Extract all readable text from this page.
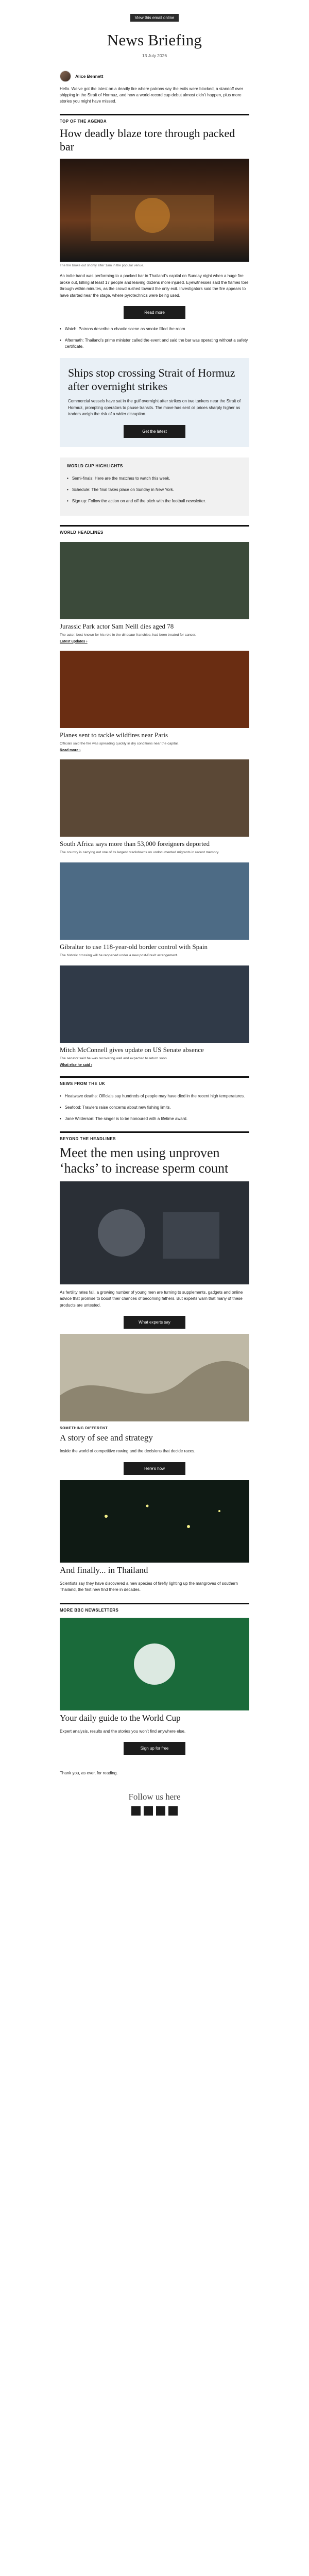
View this email online
News Briefing
13 July 2026
Alice Bennett

Hello. We’ve got the latest on a deadly fire where patrons say the exits were blocked, a standoff over shipping in the Strait of Hormuz, and how a world-record cup debut almost didn’t happen, plus more stories you might have missed.

TOP OF THE AGENDA
How deadly blaze tore through packed bar
The fire broke out shortly after 1am in the popular venue.

An indie band was performing to a packed bar in Thailand’s capital on Sunday night when a huge fire broke out, killing at least 17 people and leaving dozens more injured. Eyewitnesses said the flames tore through within minutes, as the crowd rushed toward the only exit. Investigators said the fire appears to have started near the stage, where pyrotechnics were being used.

Read more
• Watch: Patrons describe a chaotic scene as smoke filled the room
• Aftermath: Thailand’s prime minister called the event and said the bar was operating without a safety certificate.
Ships stop crossing Strait of Hormuz after overnight strikes

Commercial vessels have sat in the gulf overnight after strikes on two tankers near the Strait of Hormuz, prompting operators to pause transits. The move has sent oil prices sharply higher as traders weigh the risk of a wider disruption.

Get the latest
WORLD CUP HIGHLIGHTS
• Semi-finals: Here are the matches to watch this week.
• Schedule: The final takes place on Sunday in New York.
• Sign up: Follow the action on and off the pitch with the football newsletter.
WORLD HEADLINES
Jurassic Park actor Sam Neill dies aged 78
The actor, best known for his role in the dinosaur franchise, had been treated for cancer.
Latest updates ›
Planes sent to tackle wildfires near Paris
Officials said the fire was spreading quickly in dry conditions near the capital.
Read more ›
South Africa says more than 53,000 foreigners deported
The country is carrying out one of its largest crackdowns on undocumented migrants in recent memory.
Gibraltar to use 118-year-old border control with Spain
The historic crossing will be reopened under a new post-Brexit arrangement.
Mitch McConnell gives update on US Senate absence
The senator said he was recovering well and expected to return soon.
What else he said ›
NEWS FROM THE UK
• Heatwave deaths: Officials say hundreds of people may have died in the recent high temperatures.
• Seafood: Trawlers raise concerns about new fishing limits.
• Jane Wilderson: The singer is to be honoured with a lifetime award.
BEYOND THE HEADLINES
Meet the men using unproven ‘hacks’ to increase sperm count

As fertility rates fall, a growing number of young men are turning to supplements, gadgets and online advice that promise to boost their chances of becoming fathers. But experts warn that many of these products are untested.

What experts say
SOMETHING DIFFERENT
A story of see and strategy

Inside the world of competitive rowing and the decisions that decide races.

Here’s how
And finally... in Thailand

Scientists say they have discovered a new species of firefly lighting up the mangroves of southern Thailand, the first new find there in decades.

MORE BBC NEWSLETTERS
Your daily guide to the World Cup

Expert analysis, results and the stories you won’t find anywhere else.

Sign up for free

Thank you, as ever, for reading.

Follow us here
